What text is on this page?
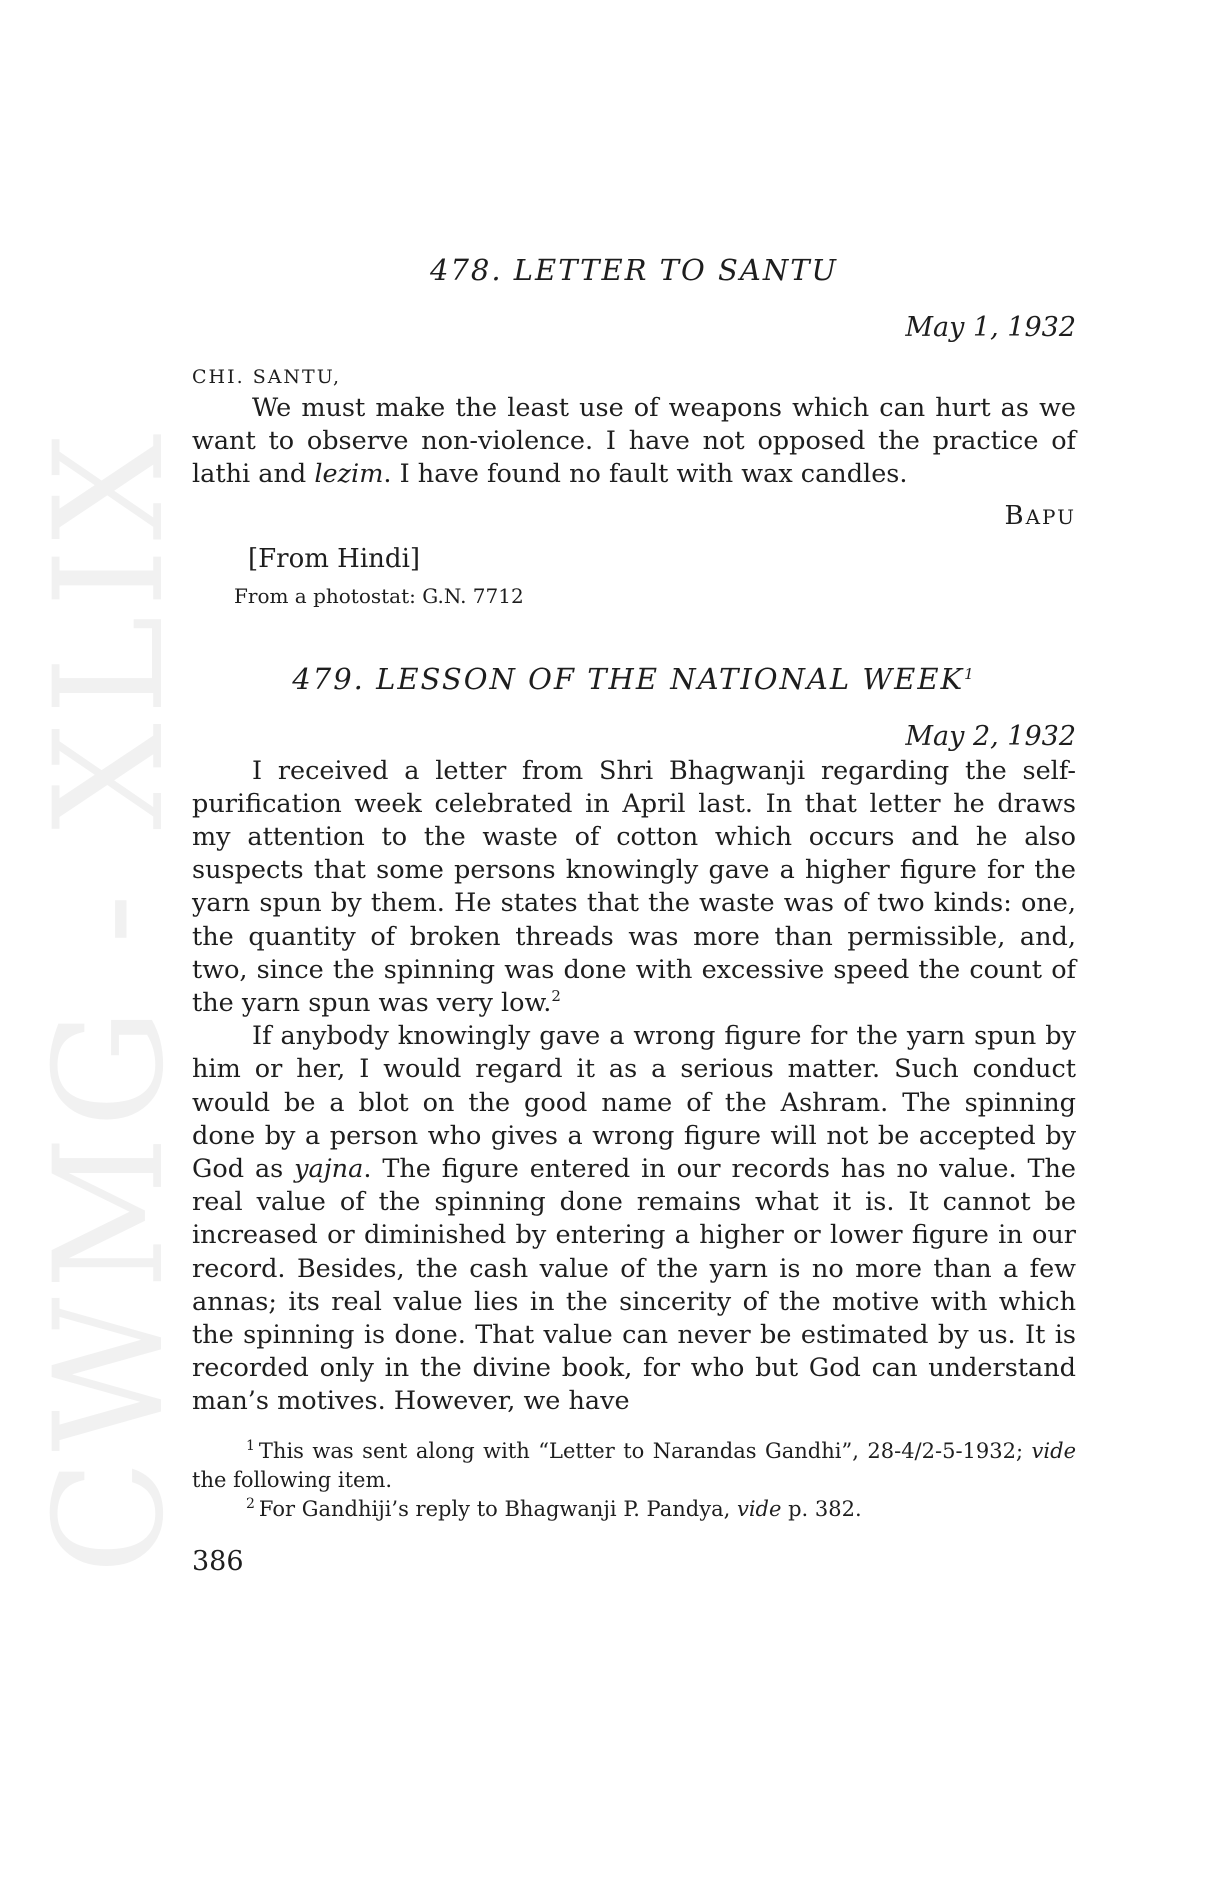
CWMG - XLIX
478. LETTER TO SANTU
May 1, 1932
CHI. SANTU,

We must make the least use of weapons which can hurt as we want to observe non-violence. I have not opposed the practice of lathi and lezim. I have found no fault with wax candles.

BAPU
[From Hindi]
From a photostat: G.N. 7712
479. LESSON OF THE NATIONAL WEEK$^1$
May 2, 1932

I received a letter from Shri Bhagwanji regarding the self-purification week celebrated in April last. In that letter he draws my attention to the waste of cotton which occurs and he also suspects that some persons knowingly gave a higher figure for the yarn spun by them. He states that the waste was of two kinds: one, the quantity of broken threads was more than permissible, and, two, since the spinning was done with excessive speed the count of the yarn spun was very low.$^2$

If anybody knowingly gave a wrong figure for the yarn spun by him or her, I would regard it as a serious matter. Such conduct would be a blot on the good name of the Ashram. The spinning done by a person who gives a wrong figure will not be accepted by God as yajna. The figure entered in our records has no value. The real value of the spinning done remains what it is. It cannot be increased or diminished by entering a higher or lower figure in our record. Besides, the cash value of the yarn is no more than a few annas; its real value lies in the sincerity of the motive with which the spinning is done. That value can never be estimated by us. It is recorded only in the divine book, for who but God can understand man’s motives. However, we have

$^1$ This was sent along with “Letter to Narandas Gandhi”, 28-4/2-5-1932; vide the following item.

$^2$ For Gandhiji’s reply to Bhagwanji P. Pandya, vide p. 382.

386
